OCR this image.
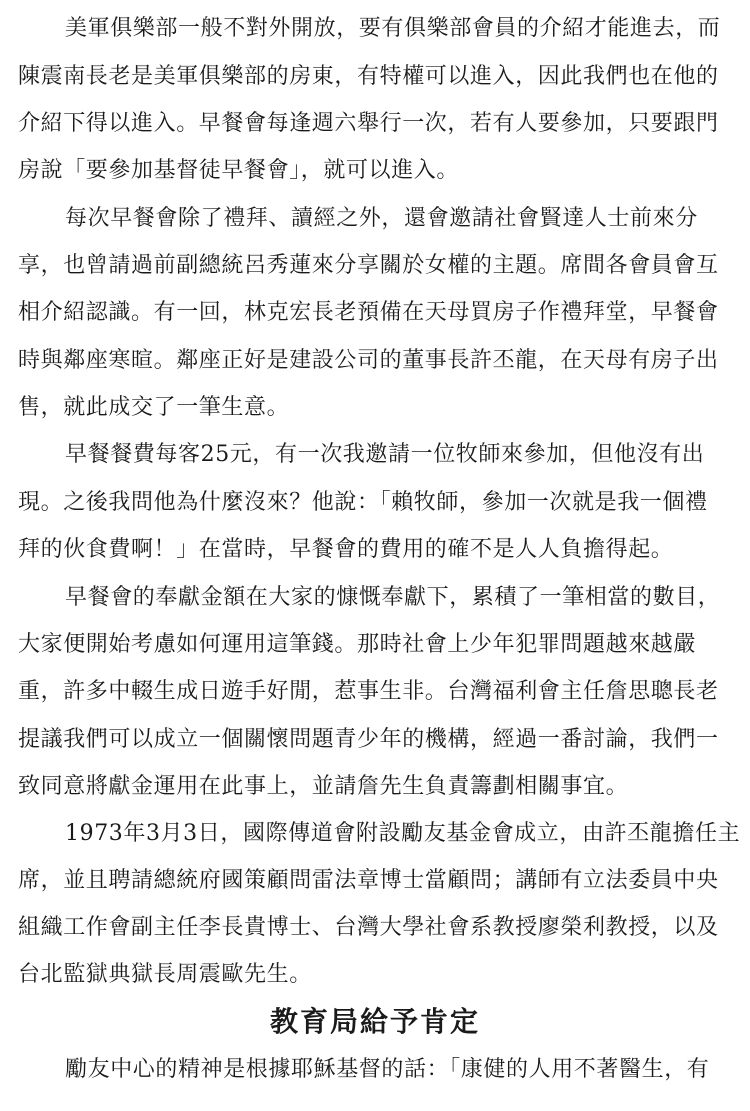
美軍俱樂部一般不對外開放，要有俱樂部會員的介紹才能進去，而
陳震南長老是美軍俱樂部的房東，有特權可以進入，因此我們也在他的
介紹下得以進入。早餐會每逢週六舉行一次，若有人要參加，只要跟門
房說「要參加基督徒早餐會」，就可以進入。
每次早餐會除了禮拜、讀經之外，還會邀請社會賢達人士前來分
享，也曾請過前副總統呂秀蓮來分享關於女權的主題。席間各會員會互
相介紹認識。有一回，林克宏長老預備在天母買房子作禮拜堂，早餐會
時與鄰座寒暄。鄰座正好是建設公司的董事長許丕龍，在天母有房子出
售，就此成交了一筆生意。
早餐餐費每客25元，有一次我邀請一位牧師來參加，但他沒有出
現。之後我問他為什麼沒來？他說：「賴牧師，參加一次就是我一個禮
拜的伙食費啊！」在當時，早餐會的費用的確不是人人負擔得起。
早餐會的奉獻金額在大家的慷慨奉獻下，累積了一筆相當的數目，
大家便開始考慮如何運用這筆錢。那時社會上少年犯罪問題越來越嚴
重，許多中輟生成日遊手好閒，惹事生非。台灣福利會主任詹思聰長老
提議我們可以成立一個關懷問題青少年的機構，經過一番討論，我們一
致同意將獻金運用在此事上，並請詹先生負責籌劃相關事宜。
1973年3月3日，國際傳道會附設勵友基金會成立，由許丕龍擔任主
席，並且聘請總統府國策顧問雷法章博士當顧問；講師有立法委員中央
組織工作會副主任李長貴博士、台灣大學社會系教授廖榮利教授，以及
台北監獄典獄長周震歐先生。
教育局給予肯定
勵友中心的精神是根據耶穌基督的話：「康健的人用不著醫生，有
